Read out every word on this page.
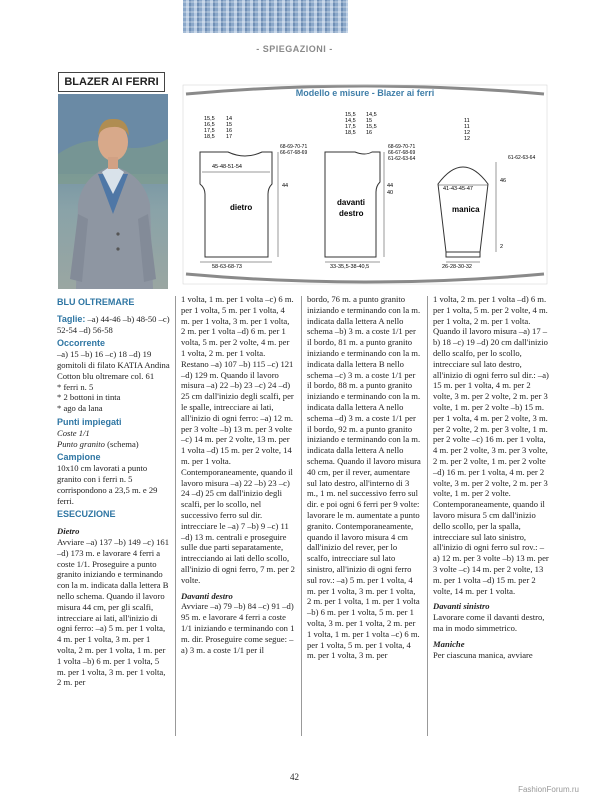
- SPIEGAZIONI -
BLAZER AI FERRI
dietro
15,5
16,5
17,5
18,5
14
15
16
17
68-69-70-71
66-67-68-69
45-48-51-54
44
58-63-68-73
davanti
destro
15,5
14,5
17,5
18,5
14,5
15
15,5
16
68-69-70-71
66-67-68-69
61-62-63-64
44
40
33-35,5-38-40,5
manica
11
11
12
12
61-62-63-64
41-43-45-47
46
2
26-28-30-32
Modello e misure - Blazer ai ferri

BLU OLTREMARE

Taglie: –a) 44-46 –b) 48-50 –c) 52-54 –d) 56-58

Occorrente

–a) 15 –b) 16 –c) 18 –d) 19 gomitoli di filato KATIA Andina Cotton blu oltremare col. 61

* ferri n. 5

* 2 bottoni in tinta

* ago da lana

Punti impiegati

Coste 1/1

Punto granito (schema)

Campione

10x10 cm lavorati a punto granito con i ferri n. 5 corrispondono a 23,5 m. e 29 ferri.

ESECUZIONE

Dietro

Avviare –a) 137 –b) 149 –c) 161 –d) 173 m. e lavorare 4 ferri a coste 1/1. Proseguire a punto granito iniziando e terminando con la m. indicata dalla lettera B nello schema. Quando il lavoro misura 44 cm, per gli scalfi, intrecciare ai lati, all'inizio di ogni ferro: –a) 5 m. per 1 volta, 4 m. per 1 volta, 3 m. per 1 volta, 2 m. per 1 volta, 1 m. per 1 volta –b) 6 m. per 1 volta, 5 m. per 1 volta, 3 m. per 1 volta, 2 m. per

1 volta, 1 m. per 1 volta –c) 6 m. per 1 volta, 5 m. per 1 volta, 4 m. per 1 volta, 3 m. per 1 volta, 2 m. per 1 volta –d) 6 m. per 1 volta, 5 m. per 2 volte, 4 m. per 1 volta, 2 m. per 1 volta. Restano –a) 107 –b) 115 –c) 121 –d) 129 m. Quando il lavoro misura –a) 22 –b) 23 –c) 24 –d) 25 cm dall'inizio degli scalfi, per le spalle, intrecciare ai lati, all'inizio di ogni ferro: –a) 12 m. per 3 volte –b) 13 m. per 3 volte –c) 14 m. per 2 volte, 13 m. per 1 volta –d) 15 m. per 2 volte, 14 m. per 1 volta. Contemporaneamente, quando il lavoro misura –a) 22 –b) 23 –c) 24 –d) 25 cm dall'inizio degli scalfi, per lo scollo, nel successivo ferro sul dir. intrecciare le –a) 7 –b) 9 –c) 11 –d) 13 m. centrali e proseguire sulle due parti separatamente, intrecciando ai lati dello scollo, all'inizio di ogni ferro, 7 m. per 2 volte.

Davanti destro

Avviare –a) 79 –b) 84 –c) 91 –d) 95 m. e lavorare 4 ferri a coste 1/1 iniziando e terminando con 1 m. dir. Proseguire come segue: –a) 3 m. a coste 1/1 per il

bordo, 76 m. a punto granito iniziando e terminando con la m. indicata dalla lettera A nello schema –b) 3 m. a coste 1/1 per il bordo, 81 m. a punto granito iniziando e terminando con la m. indicata dalla lettera B nello schema –c) 3 m. a coste 1/1 per il bordo, 88 m. a punto granito iniziando e terminando con la m. indicata dalla lettera A nello schema –d) 3 m. a coste 1/1 per il bordo, 92 m. a punto granito iniziando e terminando con la m. indicata dalla lettera A nello schema. Quando il lavoro misura 40 cm, per il rever, aumentare sul lato destro, all'interno di 3 m., 1 m. nel successivo ferro sul dir. e poi ogni 6 ferri per 9 volte: lavorare le m. aumentate a punto granito. Contemporaneamente, quando il lavoro misura 4 cm dall'inizio del rever, per lo scalfo, intrecciare sul lato sinistro, all'inizio di ogni ferro sul rov.: –a) 5 m. per 1 volta, 4 m. per 1 volta, 3 m. per 1 volta, 2 m. per 1 volta, 1 m. per 1 volta –b) 6 m. per 1 volta, 5 m. per 1 volta, 3 m. per 1 volta, 2 m. per 1 volta, 1 m. per 1 volta –c) 6 m. per 1 volta, 5 m. per 1 volta, 4 m. per 1 volta, 3 m. per

1 volta, 2 m. per 1 volta –d) 6 m. per 1 volta, 5 m. per 2 volte, 4 m. per 1 volta, 2 m. per 1 volta. Quando il lavoro misura –a) 17 –b) 18 –c) 19 –d) 20 cm dall'inizio dello scalfo, per lo scollo, intrecciare sul lato destro, all'inizio di ogni ferro sul dir.: –a) 15 m. per 1 volta, 4 m. per 2 volte, 3 m. per 2 volte, 2 m. per 3 volte, 1 m. per 2 volte –b) 15 m. per 1 volta, 4 m. per 2 volte, 3 m. per 2 volte, 2 m. per 3 volte, 1 m. per 2 volte –c) 16 m. per 1 volta, 4 m. per 2 volte, 3 m. per 3 volte, 2 m. per 2 volte, 1 m. per 2 volte –d) 16 m. per 1 volta, 4 m. per 2 volte, 3 m. per 2 volte, 2 m. per 3 volte, 1 m. per 2 volte. Contemporaneamente, quando il lavoro misura 5 cm dall'inizio dello scollo, per la spalla, intrecciare sul lato sinistro, all'inizio di ogni ferro sul rov.: –a) 12 m. per 3 volte –b) 13 m. per 3 volte –c) 14 m. per 2 volte, 13 m. per 1 volta –d) 15 m. per 2 volte, 14 m. per 1 volta.

Davanti sinistro

Lavorare come il davanti destro, ma in modo simmetrico.

Maniche

Per ciascuna manica, avviare

42
FashionForum.ru
